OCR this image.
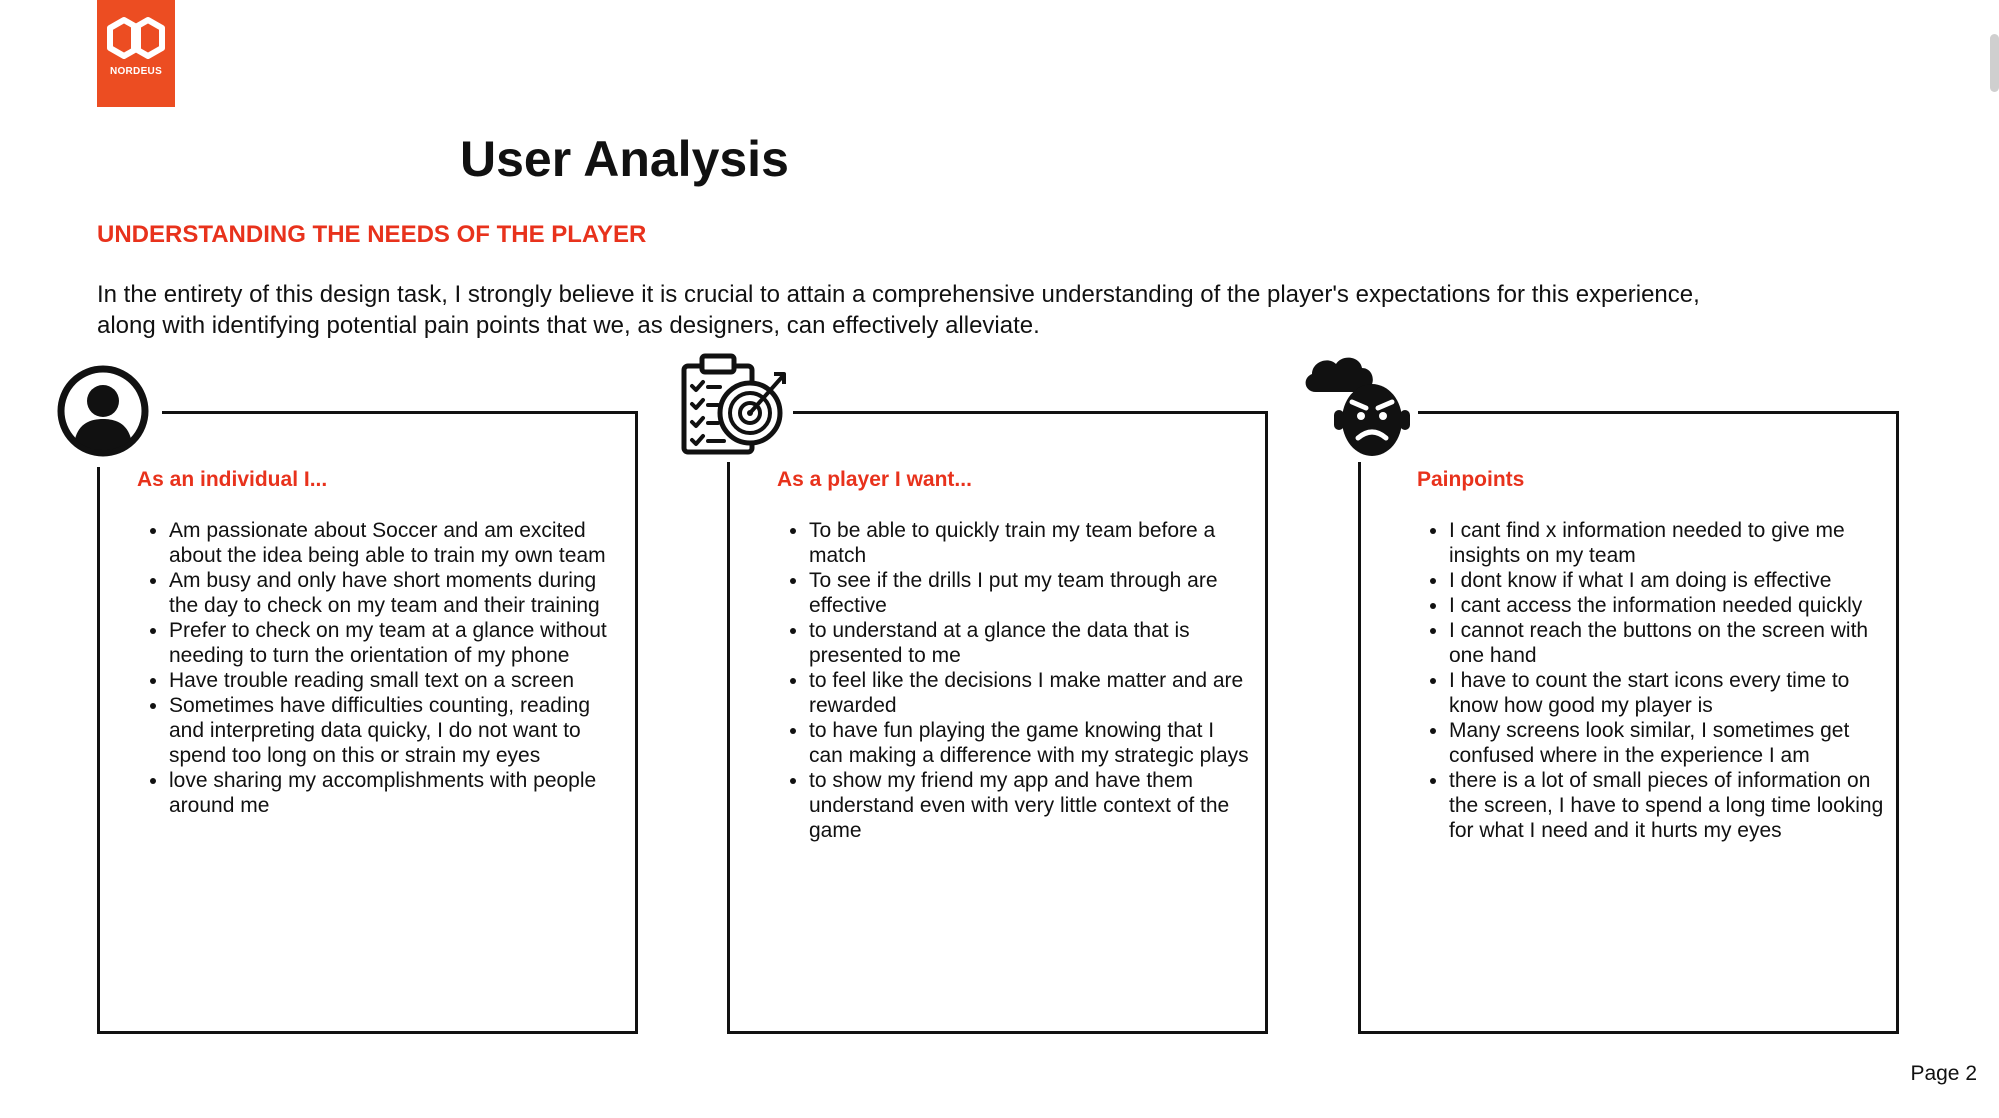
NORDEUS
User Analysis
UNDERSTANDING THE NEEDS OF THE PLAYER

In the entirety of this design task, I strongly believe it is crucial to attain a comprehensive understanding of the player's expectations for this experience, along with identifying potential pain points that we, as designers, can effectively alleviate.

As an individual I...
• Am passionate about Soccer and am excited about the idea being able to train my own team
• Am busy and only have short moments during the day to check on my team and their training
• Prefer to check on my team at a glance without needing to turn the orientation of my phone
• Have trouble reading small text on a screen
• Sometimes have difficulties counting, reading and interpreting data quicky, I do not want to spend too long on this or strain my eyes
• love sharing my accomplishments with people around me
As a player I want...
• To be able to quickly train my team before a match
• To see if the drills I put my team through are effective
• to understand at a glance the data that is presented to me
• to feel like the decisions I make matter and are rewarded
• to have fun playing the game knowing that I can making a difference with my strategic plays
• to show my friend my app and have them understand even with very little context of the game
Painpoints
• I cant find x information needed to give me insights on my team
• I dont know if what I am doing is effective
• I cant access the information needed quickly
• I cannot reach the buttons on the screen with one hand
• I have to count the start icons every time to know how good my player is
• Many screens look similar, I sometimes get confused where in the experience I am
• there is a lot of small pieces of information on the screen, I have to spend a long time looking for what I need and it hurts my eyes
Page 2
